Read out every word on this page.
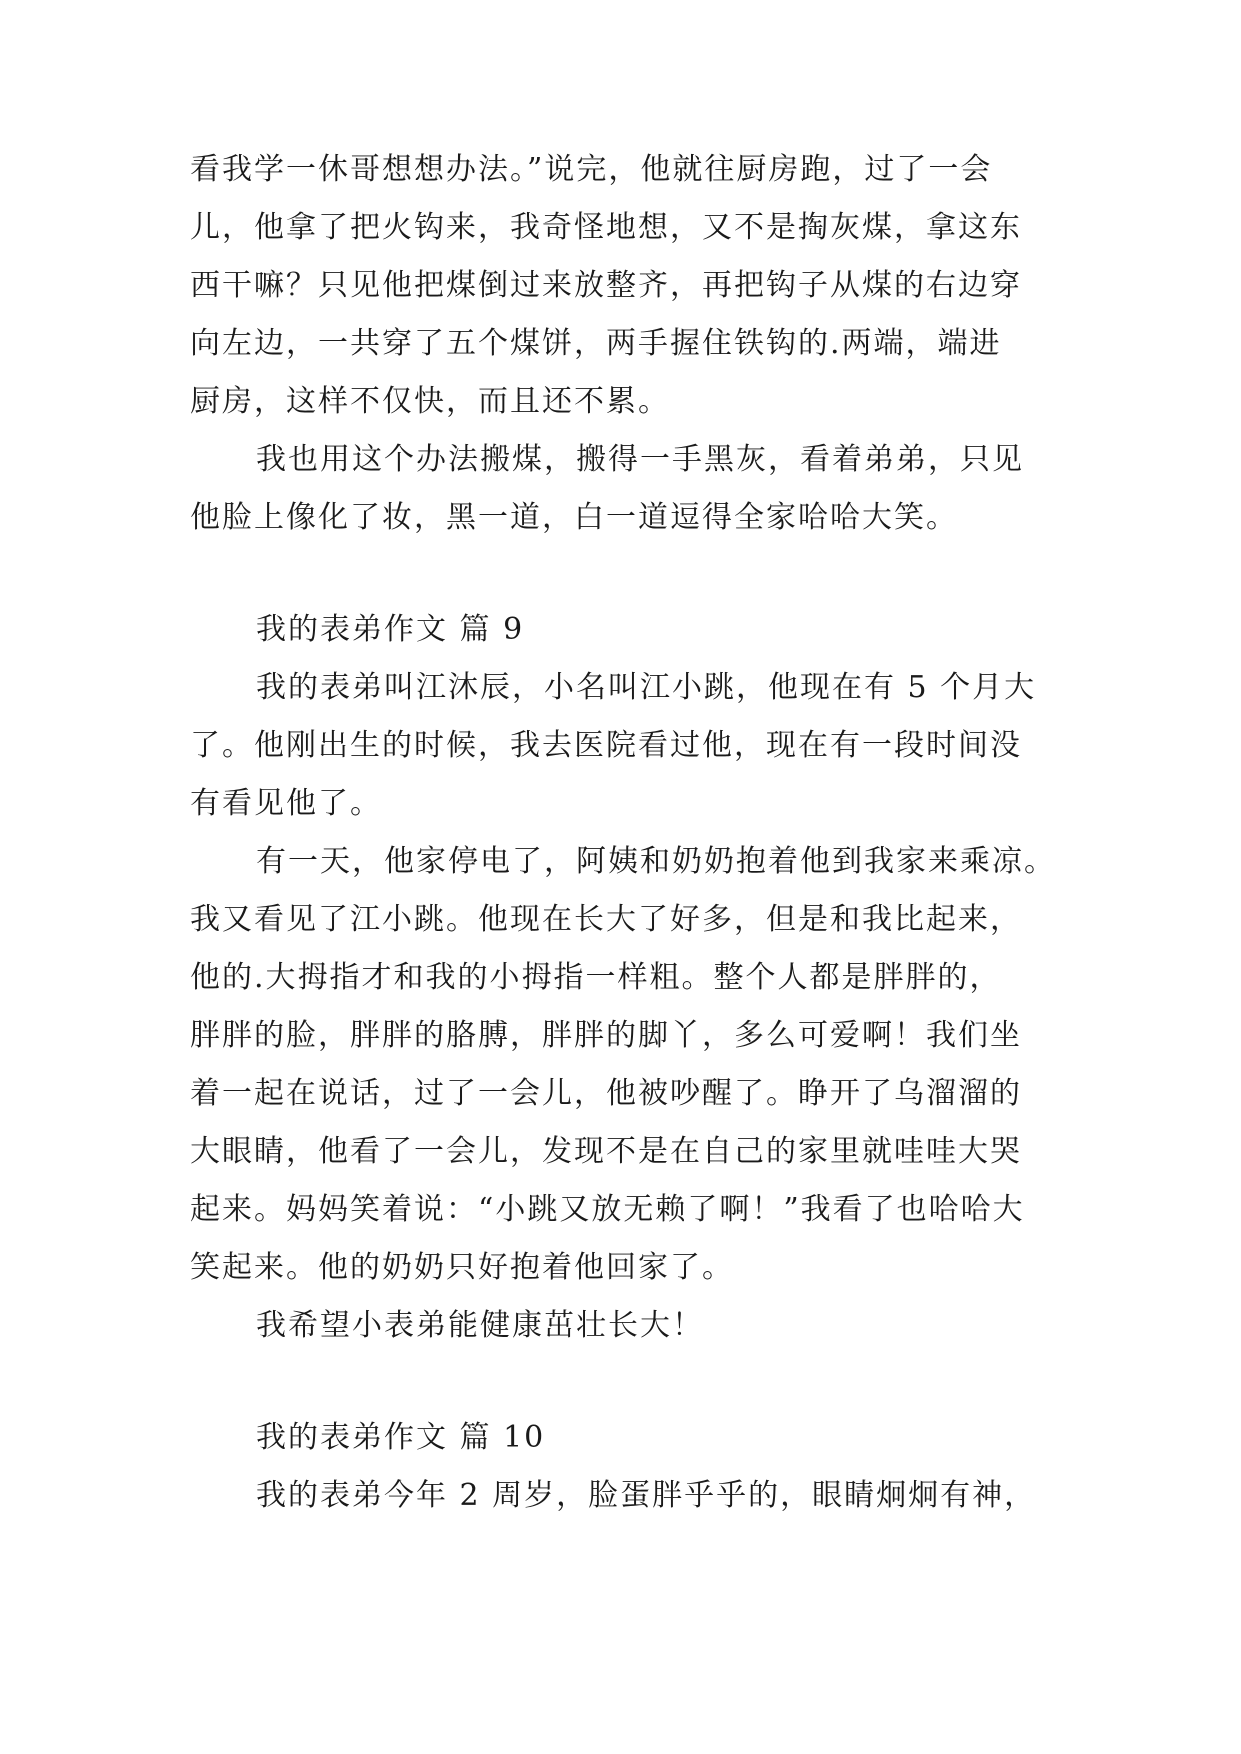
看我学一休哥想想办法。”说完，他就往厨房跑，过了一会
儿，他拿了把火钩来，我奇怪地想，又不是掏灰煤，拿这东
西干嘛？只见他把煤倒过来放整齐，再把钩子从煤的右边穿
向左边，一共穿了五个煤饼，两手握住铁钩的.两端，端进
厨房，这样不仅快，而且还不累。
我也用这个办法搬煤，搬得一手黑灰，看着弟弟，只见
他脸上像化了妆，黑一道，白一道逗得全家哈哈大笑。
我的表弟作文 篇 9
我的表弟叫江沐辰，小名叫江小跳，他现在有 5 个月大
了。他刚出生的时候，我去医院看过他，现在有一段时间没
有看见他了。
有一天，他家停电了，阿姨和奶奶抱着他到我家来乘凉。
我又看见了江小跳。他现在长大了好多，但是和我比起来，
他的.大拇指才和我的小拇指一样粗。整个人都是胖胖的，
胖胖的脸，胖胖的胳膊，胖胖的脚丫，多么可爱啊！我们坐
着一起在说话，过了一会儿，他被吵醒了。睁开了乌溜溜的
大眼睛，他看了一会儿，发现不是在自己的家里就哇哇大哭
起来。妈妈笑着说：“小跳又放无赖了啊！”我看了也哈哈大
笑起来。他的奶奶只好抱着他回家了。
我希望小表弟能健康茁壮长大！
我的表弟作文 篇 10
我的表弟今年 2 周岁，脸蛋胖乎乎的，眼睛炯炯有神，
